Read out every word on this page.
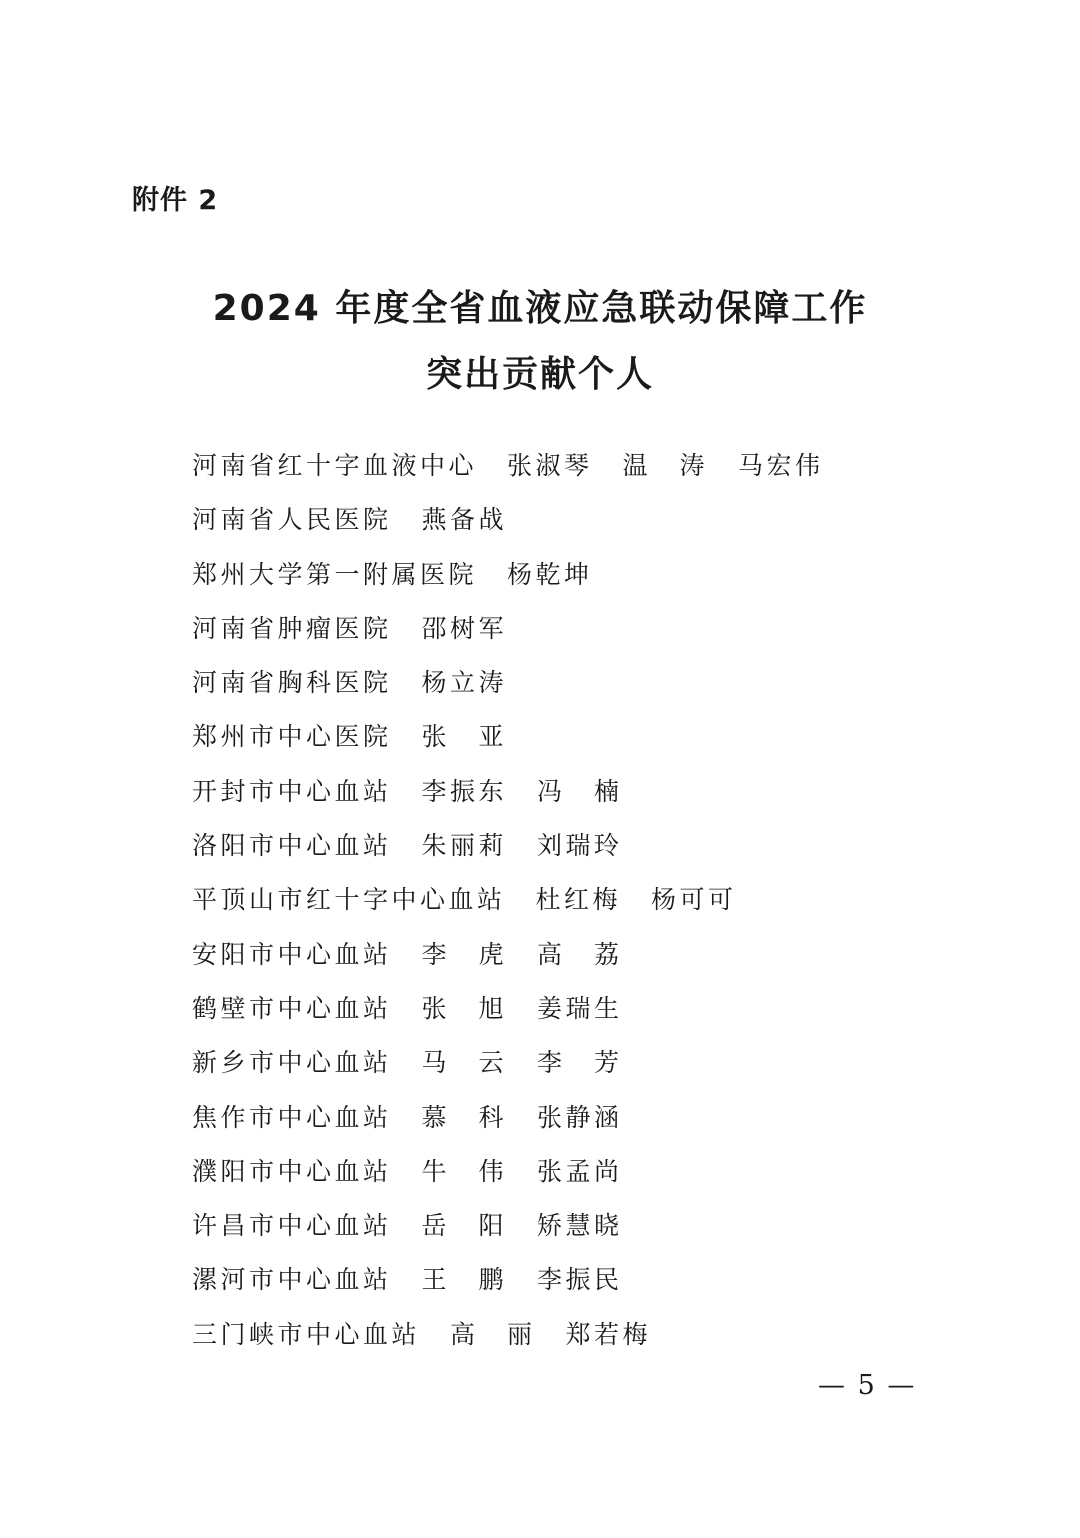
附件 2
2024 年度全省血液应急联动保障工作
突出贡献个人
河南省红十字血液中心 张淑琴 温　涛 马宏伟
河南省人民医院 燕备战
郑州大学第一附属医院 杨乾坤
河南省肿瘤医院 邵树军
河南省胸科医院 杨立涛
郑州市中心医院 张　亚
开封市中心血站 李振东 冯　楠
洛阳市中心血站 朱丽莉 刘瑞玲
平顶山市红十字中心血站 杜红梅 杨可可
安阳市中心血站 李　虎 高　荔
鹤壁市中心血站 张　旭 姜瑞生
新乡市中心血站 马　云 李　芳
焦作市中心血站 慕　科 张静涵
濮阳市中心血站 牛　伟 张孟尚
许昌市中心血站 岳　阳 矫慧晓
漯河市中心血站 王　鹏 李振民
三门峡市中心血站 高　丽 郑若梅
— 5 —
